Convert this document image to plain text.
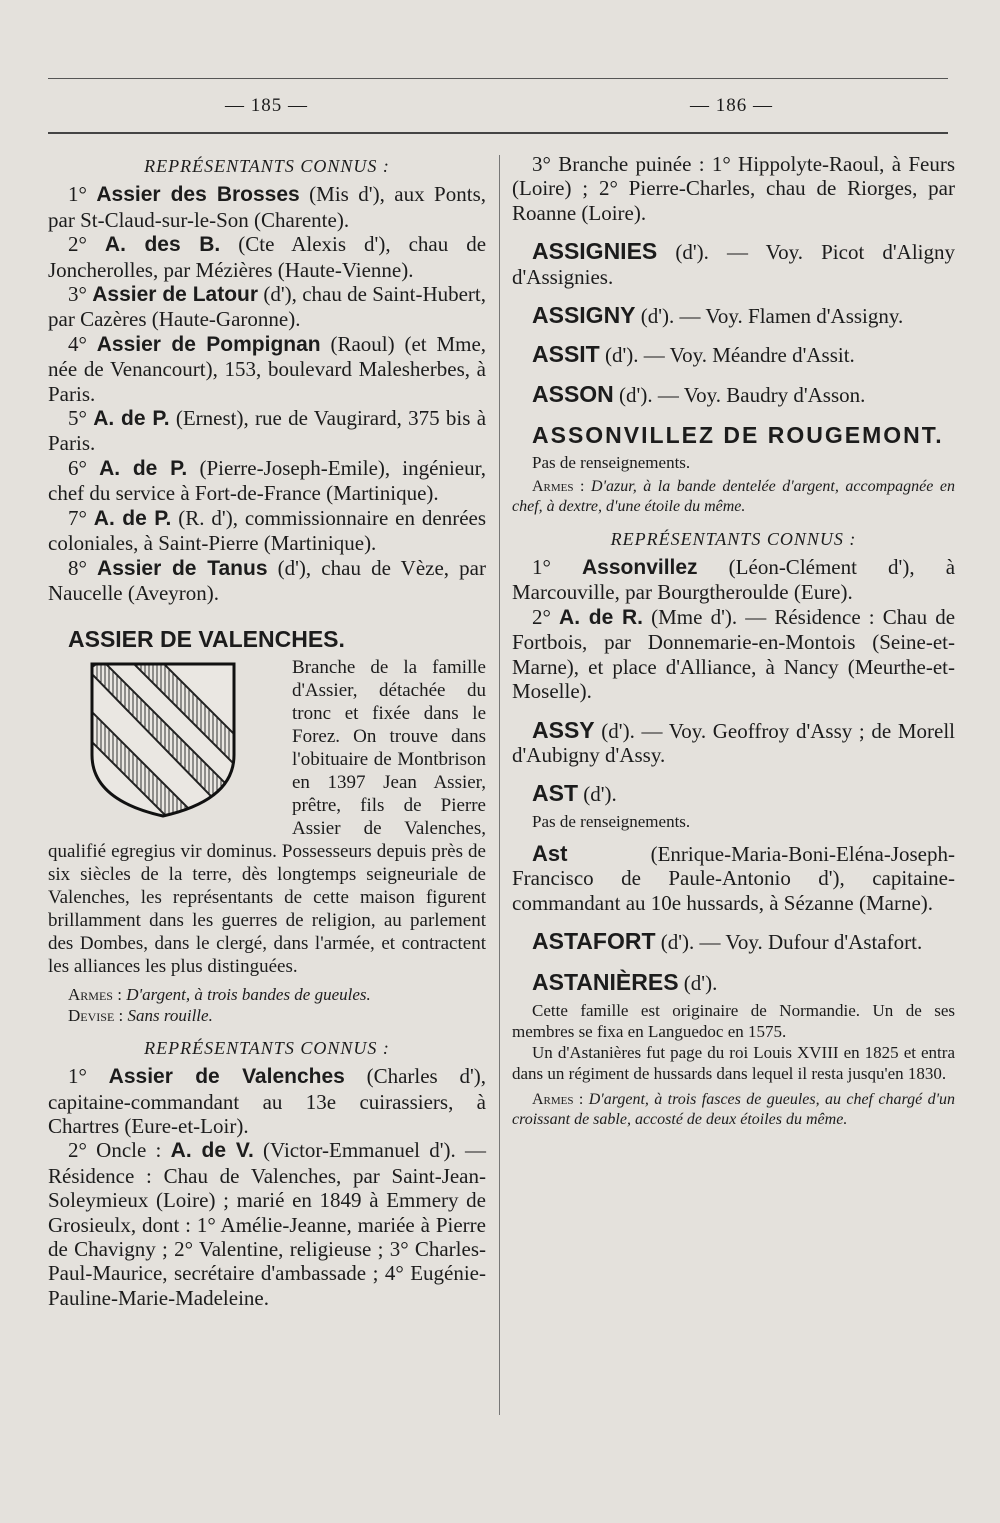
— 185 —	— 186 —

REPRÉSENTANTS CONNUS :

1° Assier des Brosses (Mis d'), aux Ponts, par St-Claud-sur-le-Son (Charente).

2° A. des B. (Cte Alexis d'), chau de Joncherolles, par Mézières (Haute-Vienne).

3° Assier de Latour (d'), chau de Saint-Hubert, par Cazères (Haute-Garonne).

4° Assier de Pompignan (Raoul) (et Mme, née de Venancourt), 153, boulevard Malesherbes, à Paris.

5° A. de P. (Ernest), rue de Vaugirard, 375 bis à Paris.

6° A. de P. (Pierre-Joseph-Emile), ingénieur, chef du service à Fort-de-France (Martinique).

7° A. de P. (R. d'), commissionnaire en denrées coloniales, à Saint-Pierre (Martinique).

8° Assier de Tanus (d'), chau de Vèze, par Naucelle (Aveyron).

ASSIER DE VALENCHES.

Branche de la famille d'Assier, détachée du tronc et fixée dans le Forez. On trouve dans l'obituaire de Montbrison en 1397 Jean Assier, prêtre, fils de Pierre Assier de Valenches, qualifié egregius vir dominus. Possesseurs depuis près de six siècles de la terre, dès longtemps seigneuriale de Valenches, les représentants de cette maison figurent brillamment dans les guerres de religion, au parlement des Dombes, dans le clergé, dans l'armée, et contractent les alliances les plus distinguées.

Armes : D'argent, à trois bandes de gueules.

Devise : Sans rouille.

REPRÉSENTANTS CONNUS :

1° Assier de Valenches (Charles d'), capitaine-commandant au 13e cuirassiers, à Chartres (Eure-et-Loir).

2° Oncle : A. de V. (Victor-Emmanuel d'). — Résidence : Chau de Valenches, par Saint-Jean-Soleymieux (Loire) ; marié en 1849 à Emmery de Grosieulx, dont : 1° Amélie-Jeanne, mariée à Pierre de Chavigny ; 2° Valentine, religieuse ; 3° Charles-Paul-Maurice, secrétaire d'ambassade ; 4° Eugénie-Pauline-Marie-Madeleine.

3° Branche puinée : 1° Hippolyte-Raoul, à Feurs (Loire) ; 2° Pierre-Charles, chau de Riorges, par Roanne (Loire).

ASSIGNIES (d'). — Voy. Picot d'Aligny d'Assignies.

ASSIGNY (d'). — Voy. Flamen d'Assigny.

ASSIT (d'). — Voy. Méandre d'Assit.

ASSON (d'). — Voy. Baudry d'Asson.

ASSONVILLEZ DE ROUGEMONT.

Pas de renseignements.

Armes : D'azur, à la bande dentelée d'argent, accompagnée en chef, à dextre, d'une étoile du même.

REPRÉSENTANTS CONNUS :

1° Assonvillez (Léon-Clément d'), à Marcouville, par Bourgtheroulde (Eure).

2° A. de R. (Mme d'). — Résidence : Chau de Fortbois, par Donnemarie-en-Montois (Seine-et-Marne), et place d'Alliance, à Nancy (Meurthe-et-Moselle).

ASSY (d'). — Voy. Geoffroy d'Assy ; de Morell d'Aubigny d'Assy.

AST (d').

Pas de renseignements.

Ast	(Enrique-Maria-Boni-Eléna-Joseph-Francisco de Paule-Antonio d'), capitaine-commandant au 10e hussards, à Sézanne (Marne).

ASTAFORT (d'). — Voy. Dufour d'Astafort.

ASTANIÈRES (d').

Cette famille est originaire de Normandie. Un de ses membres se fixa en Languedoc en 1575.

Un d'Astanières fut page du roi Louis XVIII en 1825 et entra dans un régiment de hussards dans lequel il resta jusqu'en 1830.

Armes : D'argent, à trois fasces de gueules, au chef chargé d'un croissant de sable, accosté de deux étoiles du même.
